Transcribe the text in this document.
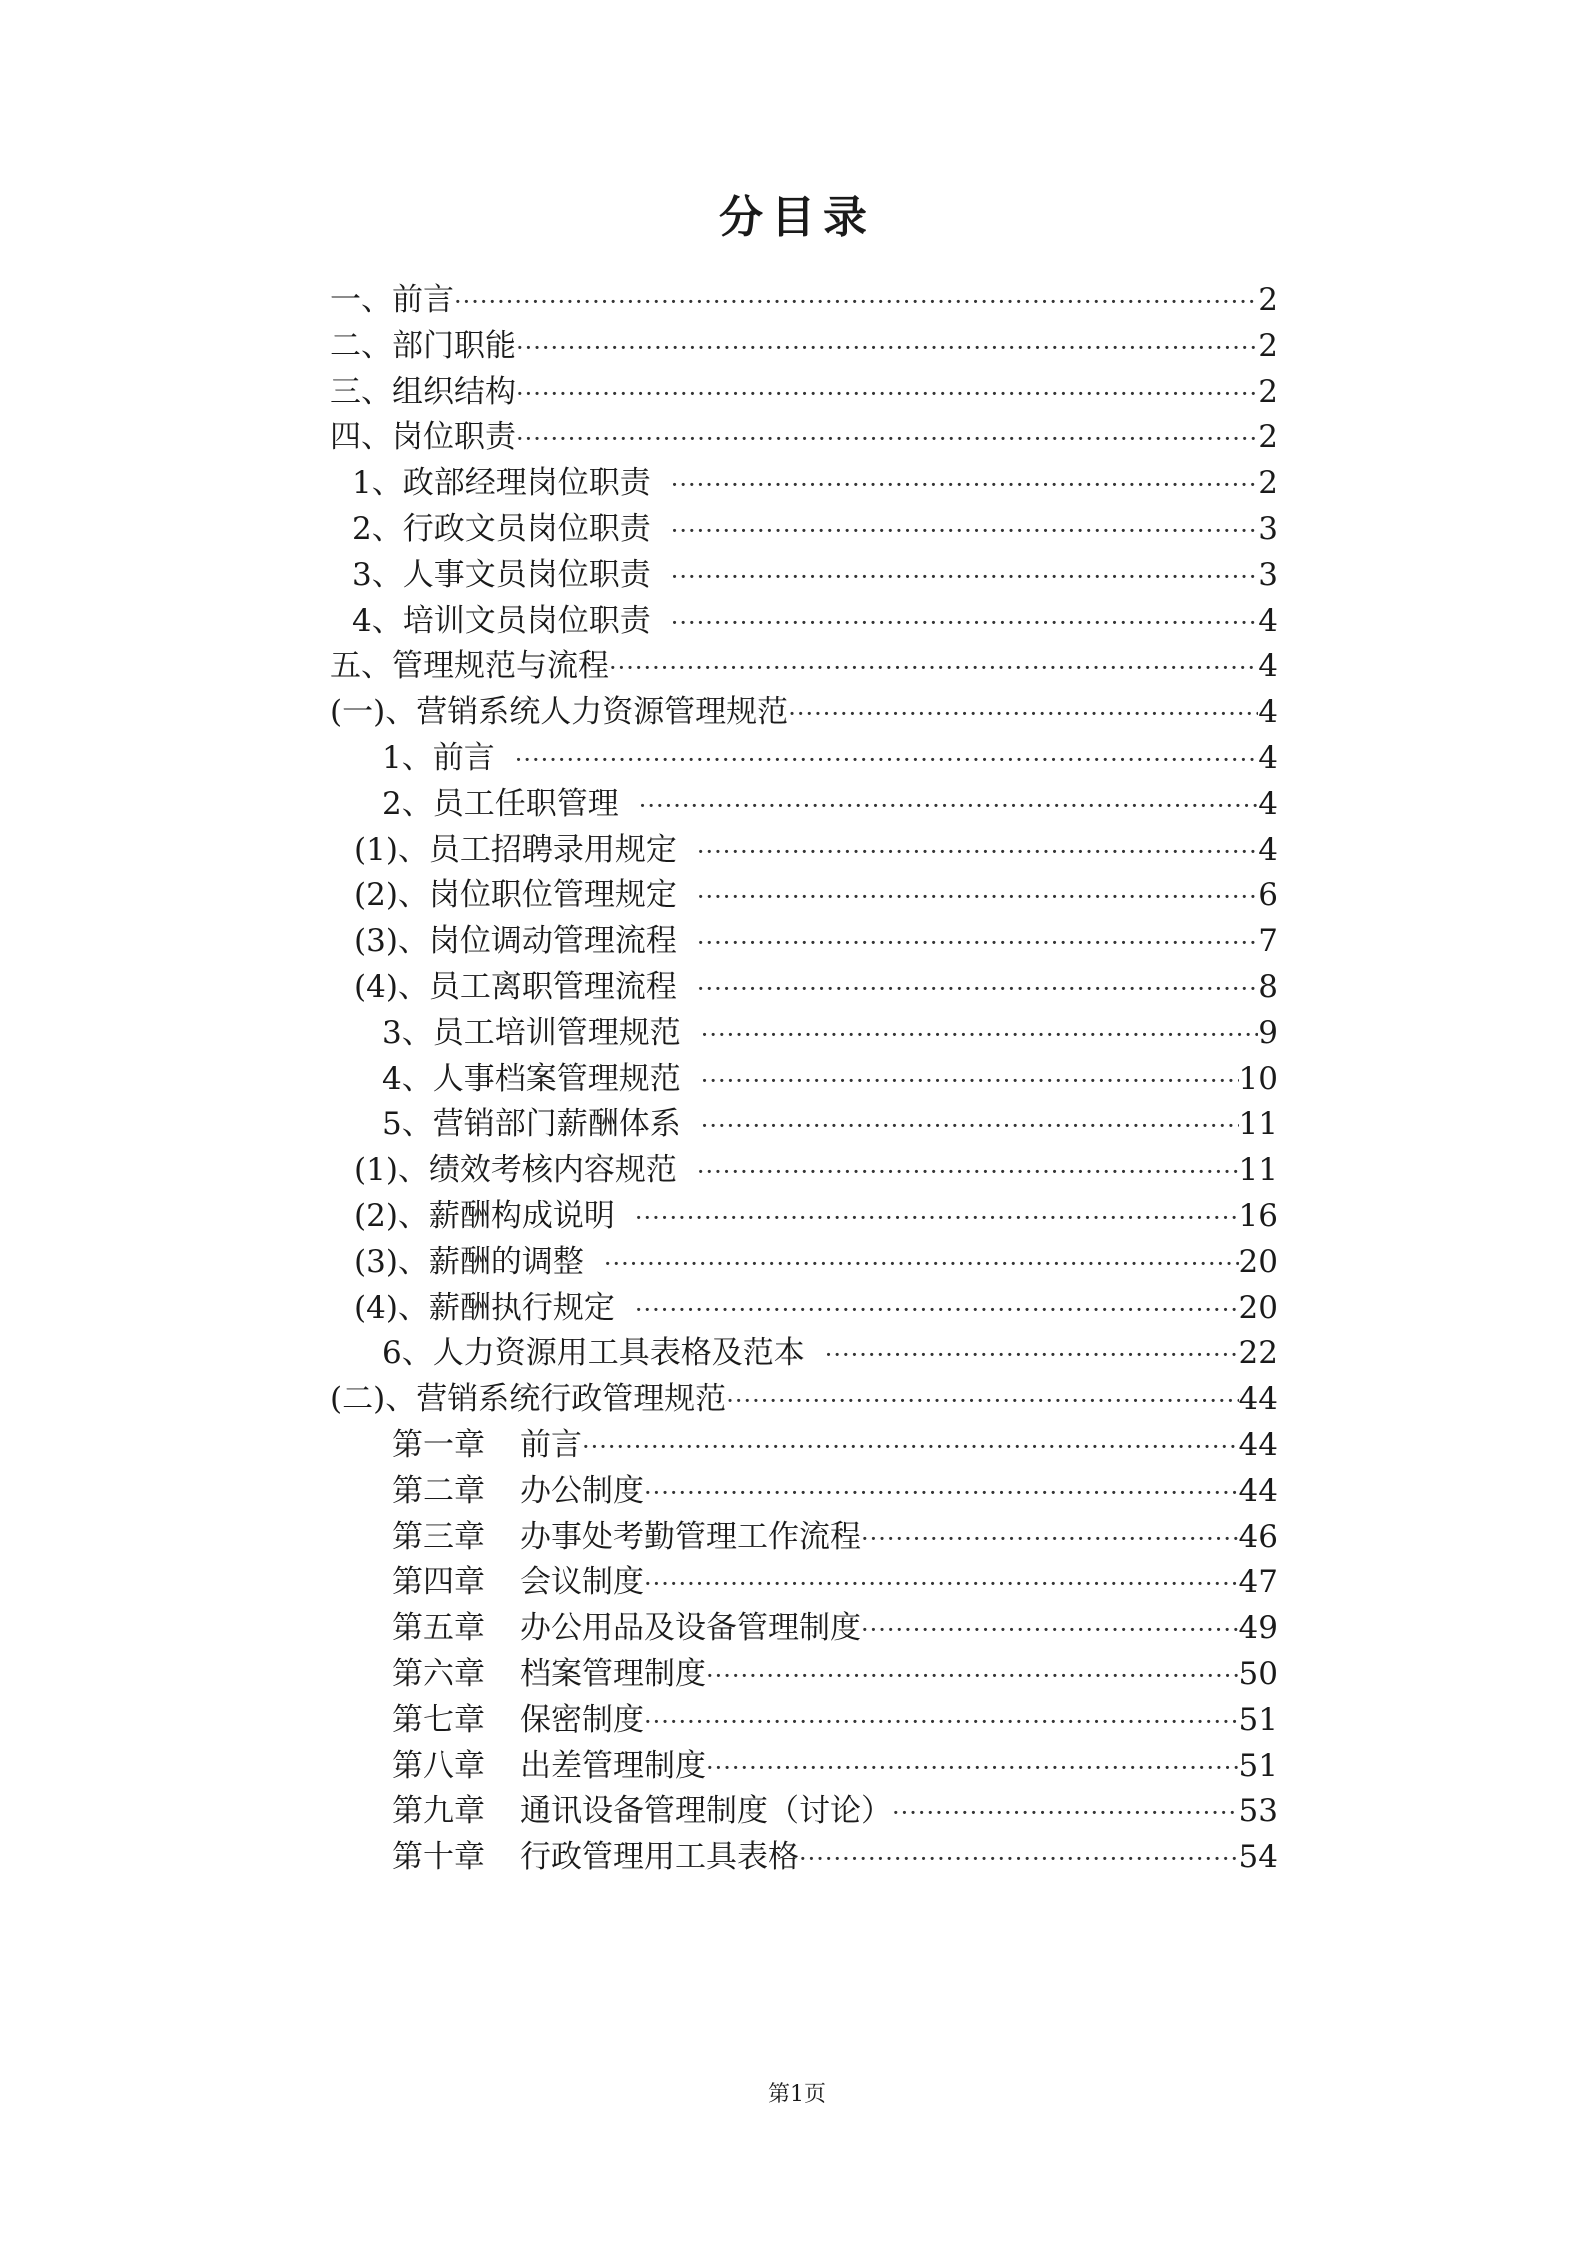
分目录
一、前言 ·····	2
二、部门职能 ·····	2
三、组织结构 ·····	2
四、岗位职责 ·····	2
1、政部经理岗位职责 ·····	2
2、行政文员岗位职责 ·····	3
3、人事文员岗位职责 ·····	3
4、培训文员岗位职责 ·····	4
五、管理规范与流程 ·····	4
(一)、营销系统人力资源管理规范 ·····	4
1、前言 ·····	4
2、员工任职管理 ·····	4
(1)、员工招聘录用规定 ·····	4
(2)、岗位职位管理规定 ·····	6
(3)、岗位调动管理流程 ·····	7
(4)、员工离职管理流程 ·····	8
3、员工培训管理规范 ·····	9
4、人事档案管理规范 ·····	10
5、营销部门薪酬体系 ·····	11
(1)、绩效考核内容规范 ·····	11
(2)、薪酬构成说明 ·····	16
(3)、薪酬的调整 ·····	20
(4)、薪酬执行规定 ·····	20
6、人力资源用工具表格及范本 ·····	22
(二)、营销系统行政管理规范 ·····	44
第一章 前言 ·····	44
第二章 办公制度 ·····	44
第三章 办事处考勤管理工作流程 ·····	46
第四章 会议制度 ·····	47
第五章 办公用品及设备管理制度 ·····	49
第六章 档案管理制度 ·····	50
第七章 保密制度 ·····	51
第八章 出差管理制度 ·····	51
第九章 通讯设备管理制度（讨论） ·····	53
第十章 行政管理用工具表格 ·····	54
第1页
